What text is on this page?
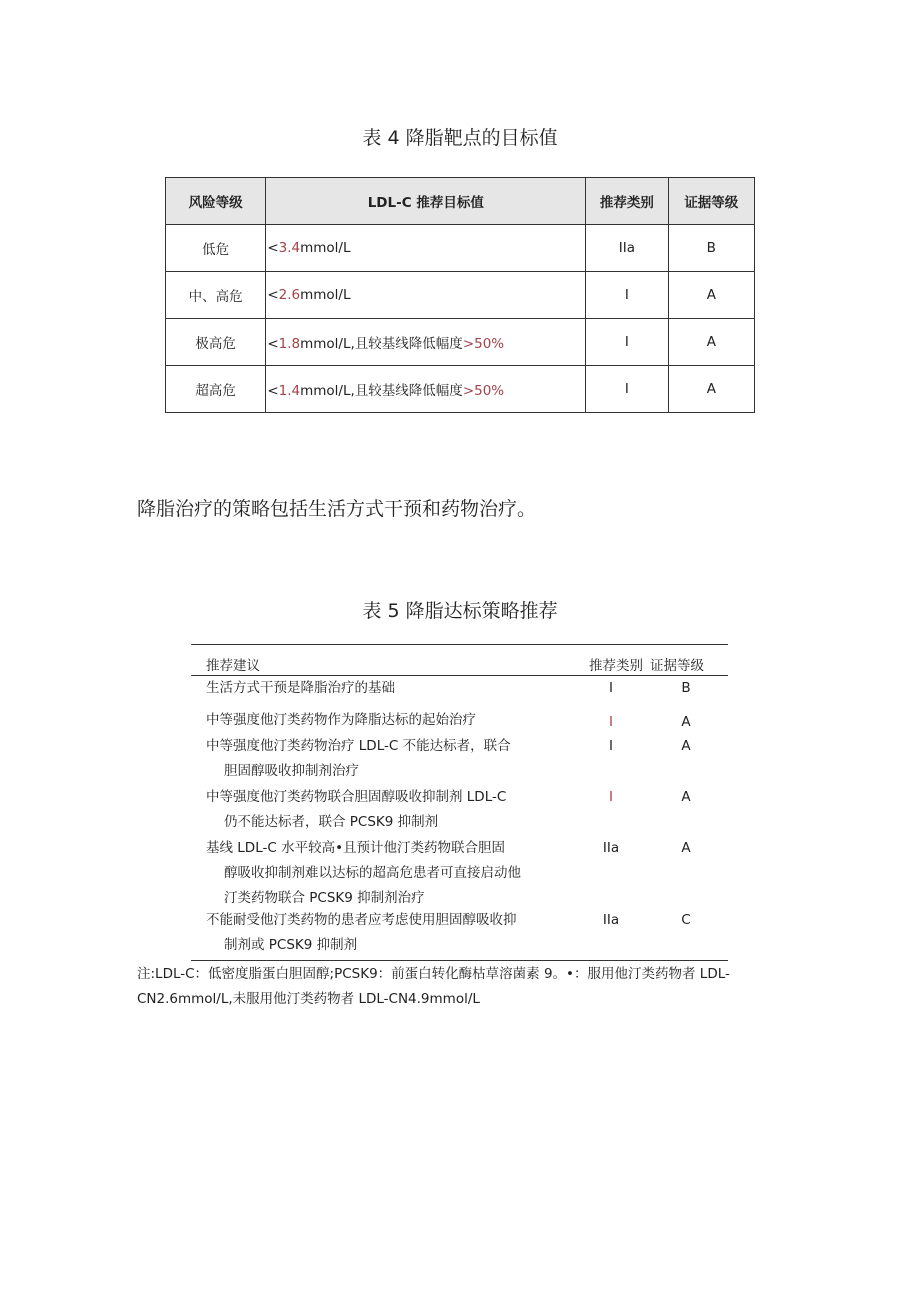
表 4 降脂靶点的目标值
风险等级	LDL-C 推荐目标值	推荐类别	证据等级
低危	<3.4mmol/L	IIa	B
中、高危	<2.6mmol/L	I	A
极高危	<1.8mmol/L,且较基线降低幅度>50%	I	A
超高危	<1.4mmol/L,且较基线降低幅度>50%	I	A
降脂治疗的策略包括生活方式干预和药物治疗。
表 5 降脂达标策略推荐
推荐建议	推荐类别 证据等级
生活方式干预是降脂治疗的基础	I	B
中等强度他汀类药物作为降脂达标的起始治疗	I	A
中等强度他汀类药物治疗 LDL-C 不能达标者，联合
胆固醇吸收抑制剂治疗
I	A
中等强度他汀类药物联合胆固醇吸收抑制剂 LDL-C
仍不能达标者，联合 PCSK9 抑制剂
I	A
基线 LDL-C 水平较高•且预计他汀类药物联合胆固
醇吸收抑制剂难以达标的超高危患者可直接启动他
汀类药物联合 PCSK9 抑制剂治疗
IIa	A
不能耐受他汀类药物的患者应考虑使用胆固醇吸收抑
制剂或 PCSK9 抑制剂
IIa	C
注:LDL-C：低密度脂蛋白胆固醇;PCSK9：前蛋白转化酶枯草溶菌素 9。•：服用他汀类药物者 LDL-
CN2.6mmol/L,未服用他汀类药物者 LDL-CN4.9mmol/L
